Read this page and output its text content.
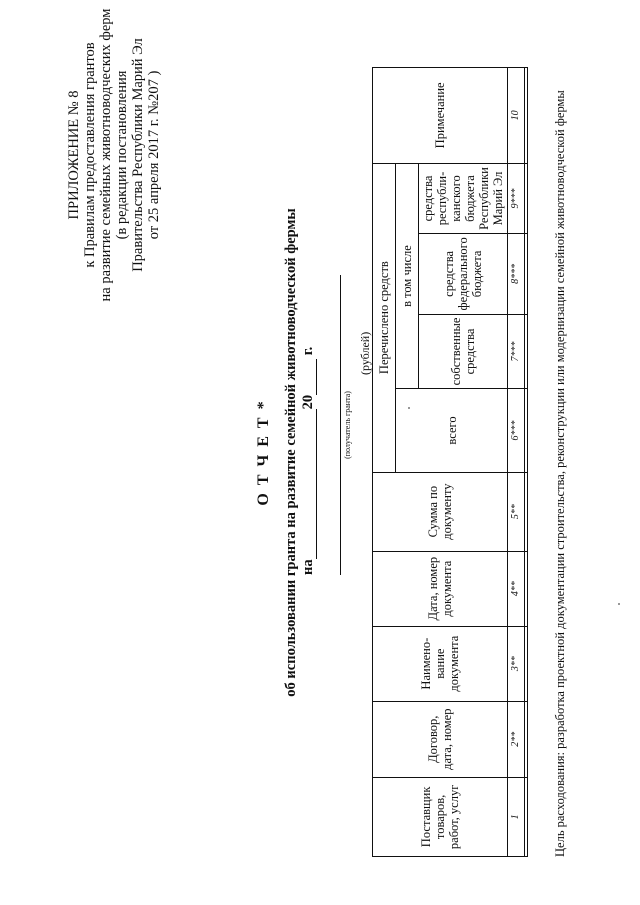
ПРИЛОЖЕНИЕ № 8 к Правилам предоставления грантов на развитие семейных животноводческих ферм (в редакции постановления Правительства Республики Марий Эл от 25 апреля 2017 г. №207 )
О Т Ч Е Т * об использовании гранта на развитие семейной животноводческой фермы на20 г.
(получатель гранта)
(рублей)
Поставщик товаров, работ, услуг	Договор, дата, номер	Наимено-вание документа	Дата, номер документа	Сумма по документу	Перечислено средств				Примечание
					всего	в том числе			
						собственные средства	средства федерального бюджета	средства республи-канского бюджета Республики Марий Эл	
1	2**	3**	4**	5**	6***	7***	8***	9***	10

Цель расходования: разработка проектной документации строительства, реконструкции или модернизации семейной животноводческой фермы
